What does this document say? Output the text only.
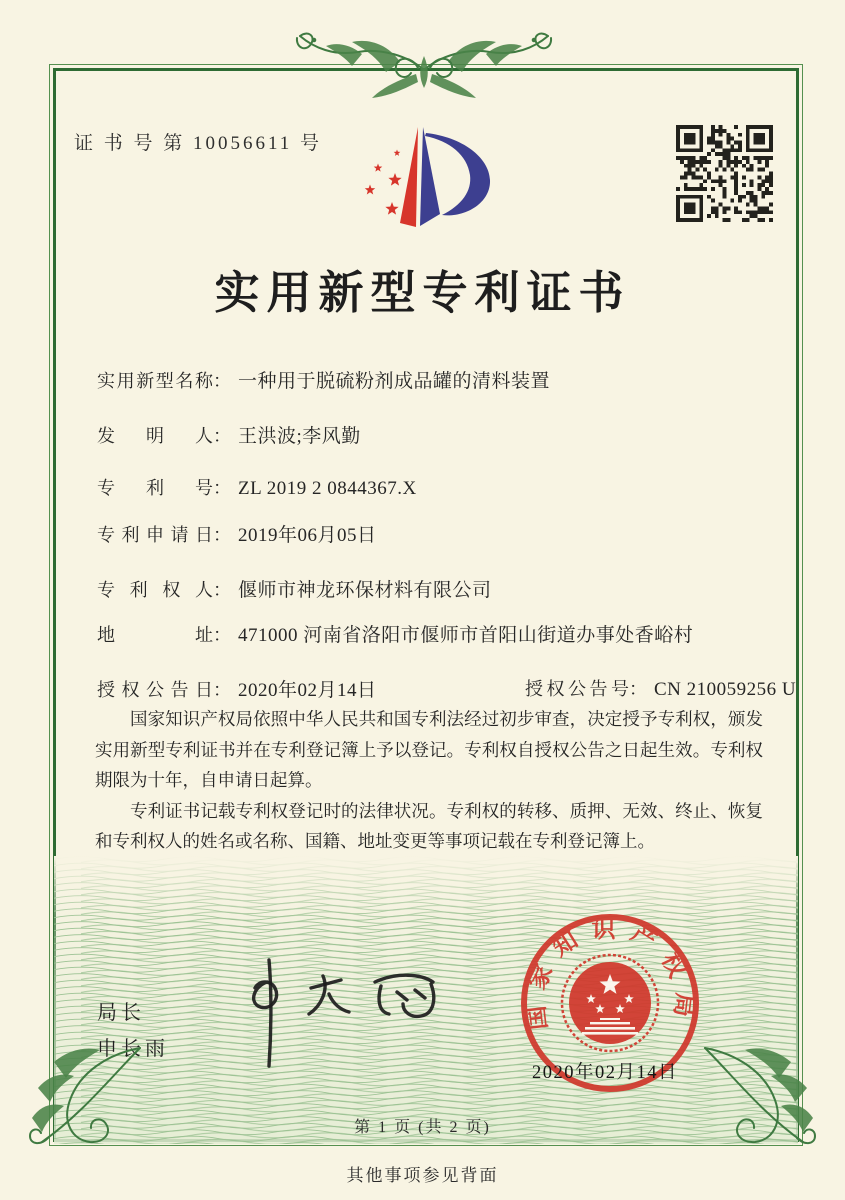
证 书 号 第 10056611 号
实用新型专利证书
实用新型名称： 一种用于脱硫粉剂成品罐的清料装置
发明人： 王洪波;李风勤
专利号： ZL 2019 2 0844367.X
专利申请日： 2019年06月05日
专利权人： 偃师市神龙环保材料有限公司
地址： 471000 河南省洛阳市偃师市首阳山街道办事处香峪村
授权公告日： 2020年02月14日	授权公告号： CN 210059256 U

国家知识产权局依照中华人民共和国专利法经过初步审查，决定授予专利权，颁发实用新型专利证书并在专利登记簿上予以登记。专利权自授权公告之日起生效。专利权期限为十年，自申请日起算。

专利证书记载专利权登记时的法律状况。专利权的转移、质押、无效、终止、恢复和专利权人的姓名或名称、国籍、地址变更等事项记载在专利登记簿上。

局长
申长雨
国家知识产权局
2020年02月14日
第 1 页 (共 2 页)
其他事项参见背面
